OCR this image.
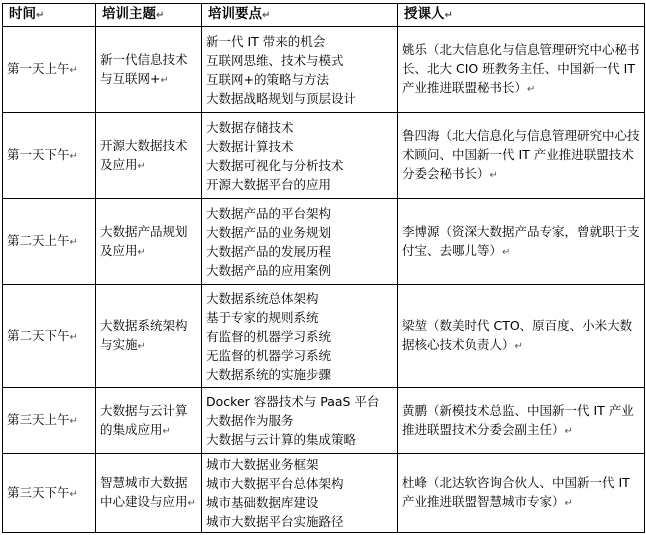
时间↵	培训主题↵	培训要点↵	授课人↵
第一天上午↵	新一代信息技术与互联网+↵	新一代 IT 带来的机会
互联网思维、技术与模式
互联网+的策略与方法
大数据战略规划与顶层设计	姚乐（北大信息化与信息管理研究中心秘书长、北大 CIO 班教务主任、中国新一代 IT 产业推进联盟秘书长）↵
第一天下午↵	开源大数据技术及应用↵	大数据存储技术
大数据计算技术
大数据可视化与分析技术
开源大数据平台的应用	鲁四海（北大信息化与信息管理研究中心技术顾问、中国新一代 IT 产业推进联盟技术分委会秘书长）↵
第二天上午↵	大数据产品规划及应用↵	大数据产品的平台架构
大数据产品的业务规划
大数据产品的发展历程
大数据产品的应用案例	李博源（资深大数据产品专家，曾就职于支付宝、去哪儿等）↵
第二天下午↵	大数据系统架构与实施↵	大数据系统总体架构
基于专家的规则系统
有监督的机器学习系统
无监督的机器学习系统
大数据系统的实施步骤	梁堃（数美时代 CTO、原百度、小米大数据核心技术负责人）↵
第三天上午↵	大数据与云计算的集成应用↵	Docker 容器技术与 PaaS 平台
大数据作为服务
大数据与云计算的集成策略	黄鹏（新模技术总监、中国新一代 IT 产业推进联盟技术分委会副主任）↵
第三天下午↵	智慧城市大数据中心建设与应用↵	城市大数据业务框架
城市大数据平台总体架构
城市基础数据库建设
城市大数据平台实施路径	杜峰（北达软咨询合伙人、中国新一代 IT 产业推进联盟智慧城市专家）↵
